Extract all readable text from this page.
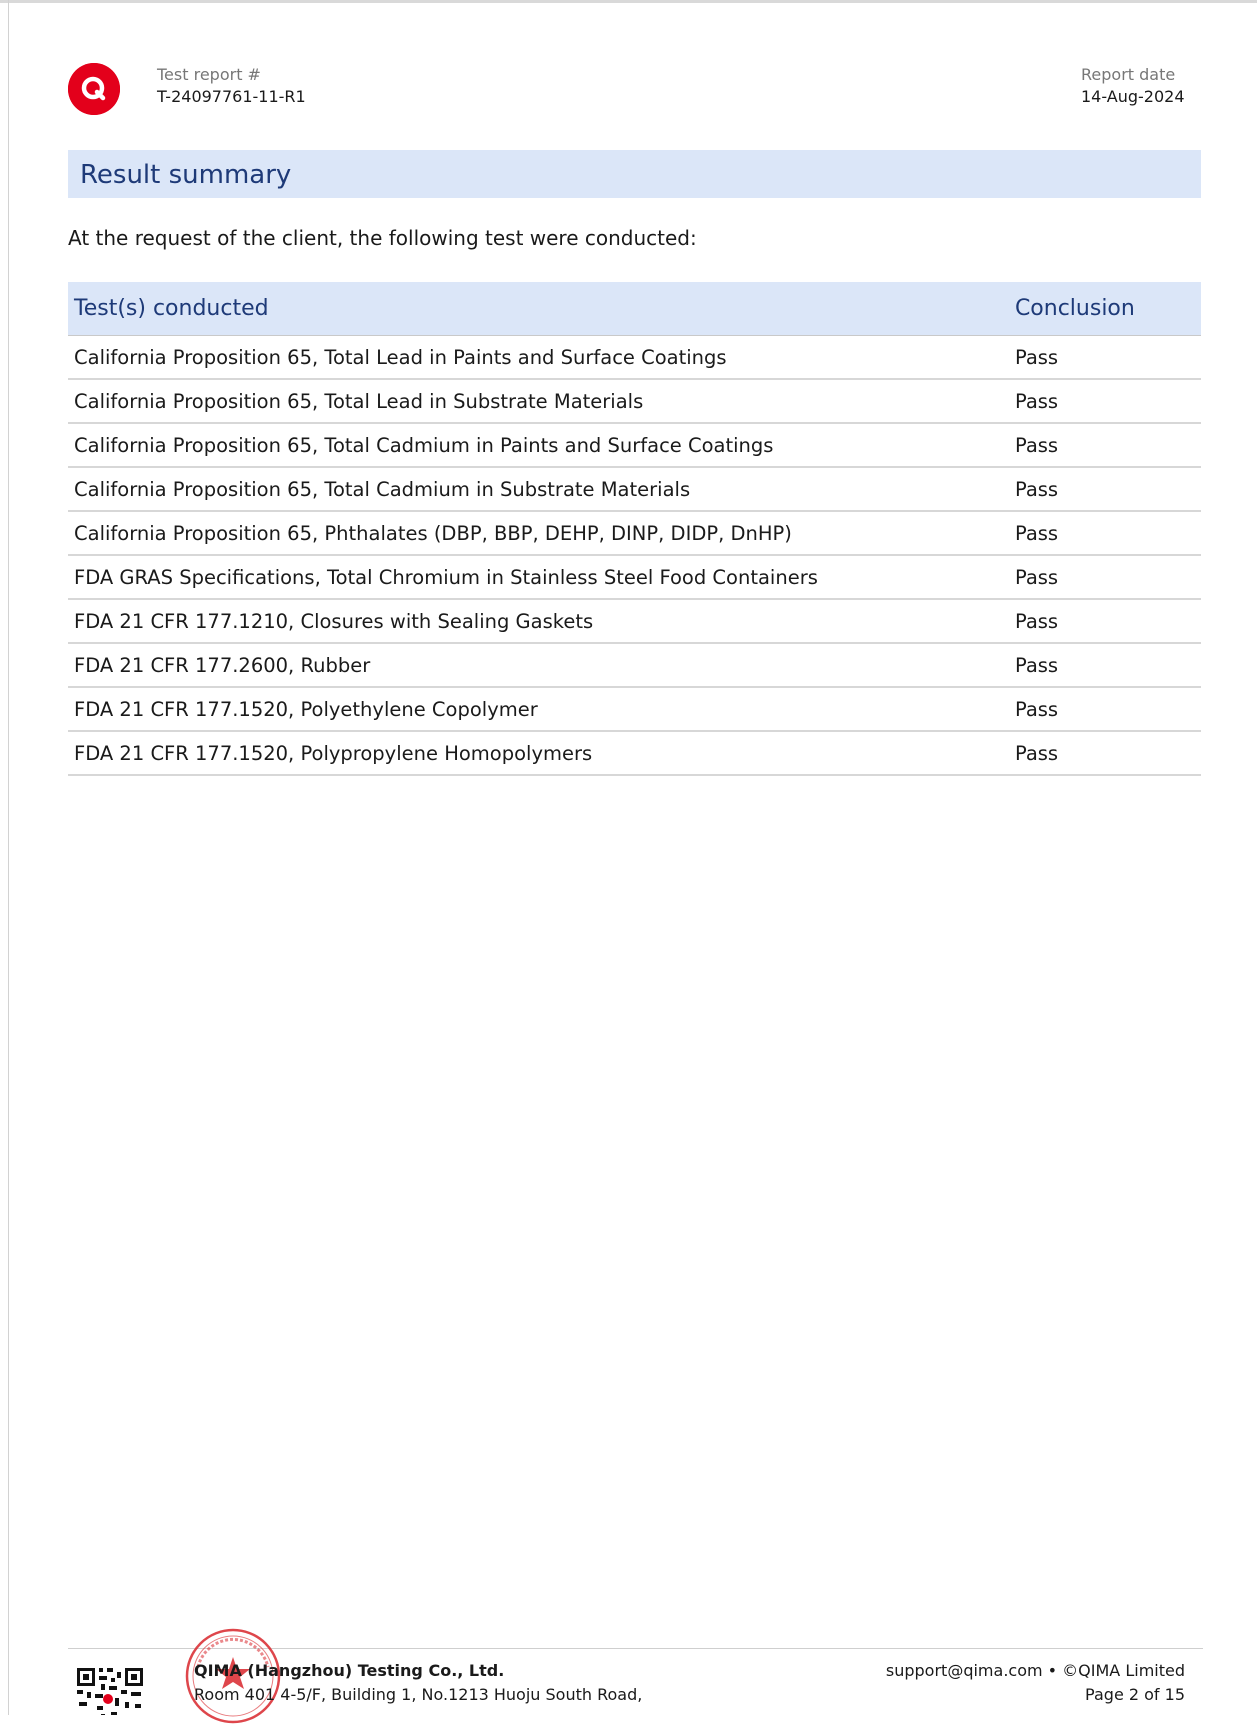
Test report #
T-24097761-11-R1
Report date
14-Aug-2024
Result summary
At the request of the client, the following test were conducted:
Test(s) conducted	Conclusion
California Proposition 65, Total Lead in Paints and Surface Coatings	Pass
California Proposition 65, Total Lead in Substrate Materials	Pass
California Proposition 65, Total Cadmium in Paints and Surface Coatings	Pass
California Proposition 65, Total Cadmium in Substrate Materials	Pass
California Proposition 65, Phthalates (DBP, BBP, DEHP, DINP, DIDP, DnHP)	Pass
FDA GRAS Specifications, Total Chromium in Stainless Steel Food Containers	Pass
FDA 21 CFR 177.1210, Closures with Sealing Gaskets	Pass
FDA 21 CFR 177.2600, Rubber	Pass
FDA 21 CFR 177.1520, Polyethylene Copolymer	Pass
FDA 21 CFR 177.1520, Polypropylene Homopolymers	Pass
QIMA (Hangzhou) Testing Co., Ltd.
Room 401 4-5/F, Building 1, No.1213 Huoju South Road,
support@qima.com • ©QIMA Limited
Page 2 of 15
